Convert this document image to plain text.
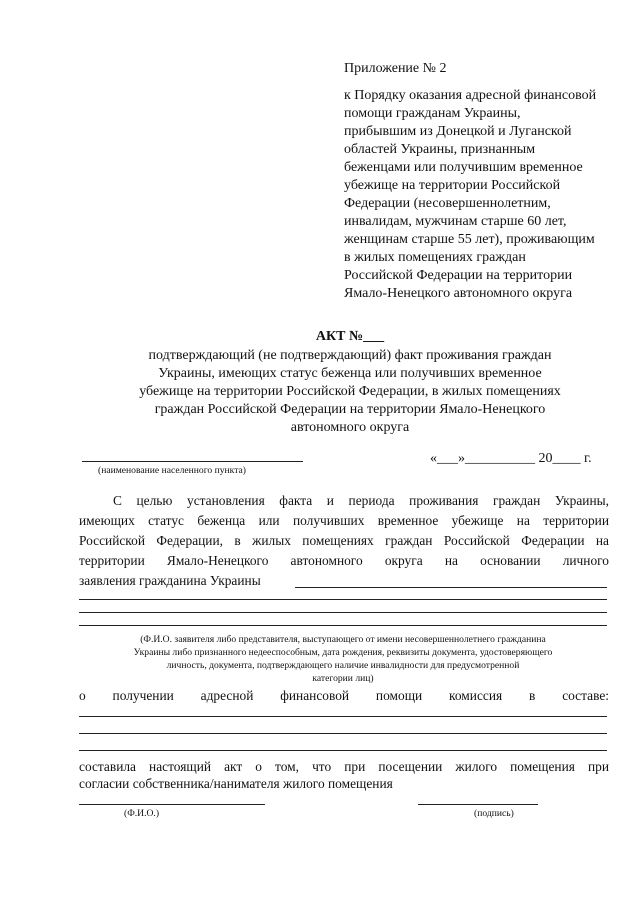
Приложение № 2
к Порядку оказания адресной финансовой
помощи гражданам Украины,
прибывшим из Донецкой и Луганской
областей Украины, признанным
беженцами или получившим временное
убежище на территории Российской
Федерации (несовершеннолетним,
инвалидам, мужчинам старше 60 лет,
женщинам старше 55 лет), проживающим
в жилых помещениях граждан
Российской Федерации на территории
Ямало-Ненецкого автономного округа
АКТ №___
подтверждающий (не подтверждающий) факт проживания граждан
Украины, имеющих статус беженца или получивших временное
убежище на территории Российской Федерации, в жилых помещениях
граждан Российской Федерации на территории Ямало-Ненецкого
автономного округа
(наименование населенного пункта)
«___»__________ 20____ г.
С целью установления факта и периода проживания граждан Украины,
имеющих статус беженца или получивших временное убежище на территории
Российской Федерации, в жилых помещениях граждан Российской Федерации на
территории Ямало-Ненецкого автономного округа на основании личного
заявления гражданина Украины
(Ф.И.О. заявителя либо представителя, выступающего от имени несовершеннолетнего гражданина
Украины либо признанного недееспособным, дата рождения, реквизиты документа, удостоверяющего
личность, документа, подтверждающего наличие инвалидности для предусмотренной
категории лиц)
о получении адресной финансовой помощи комиссия в составе:
составила настоящий акт о том, что при посещении жилого помещения при
согласии собственника/нанимателя жилого помещения
(Ф.И.О.)	(подпись)
